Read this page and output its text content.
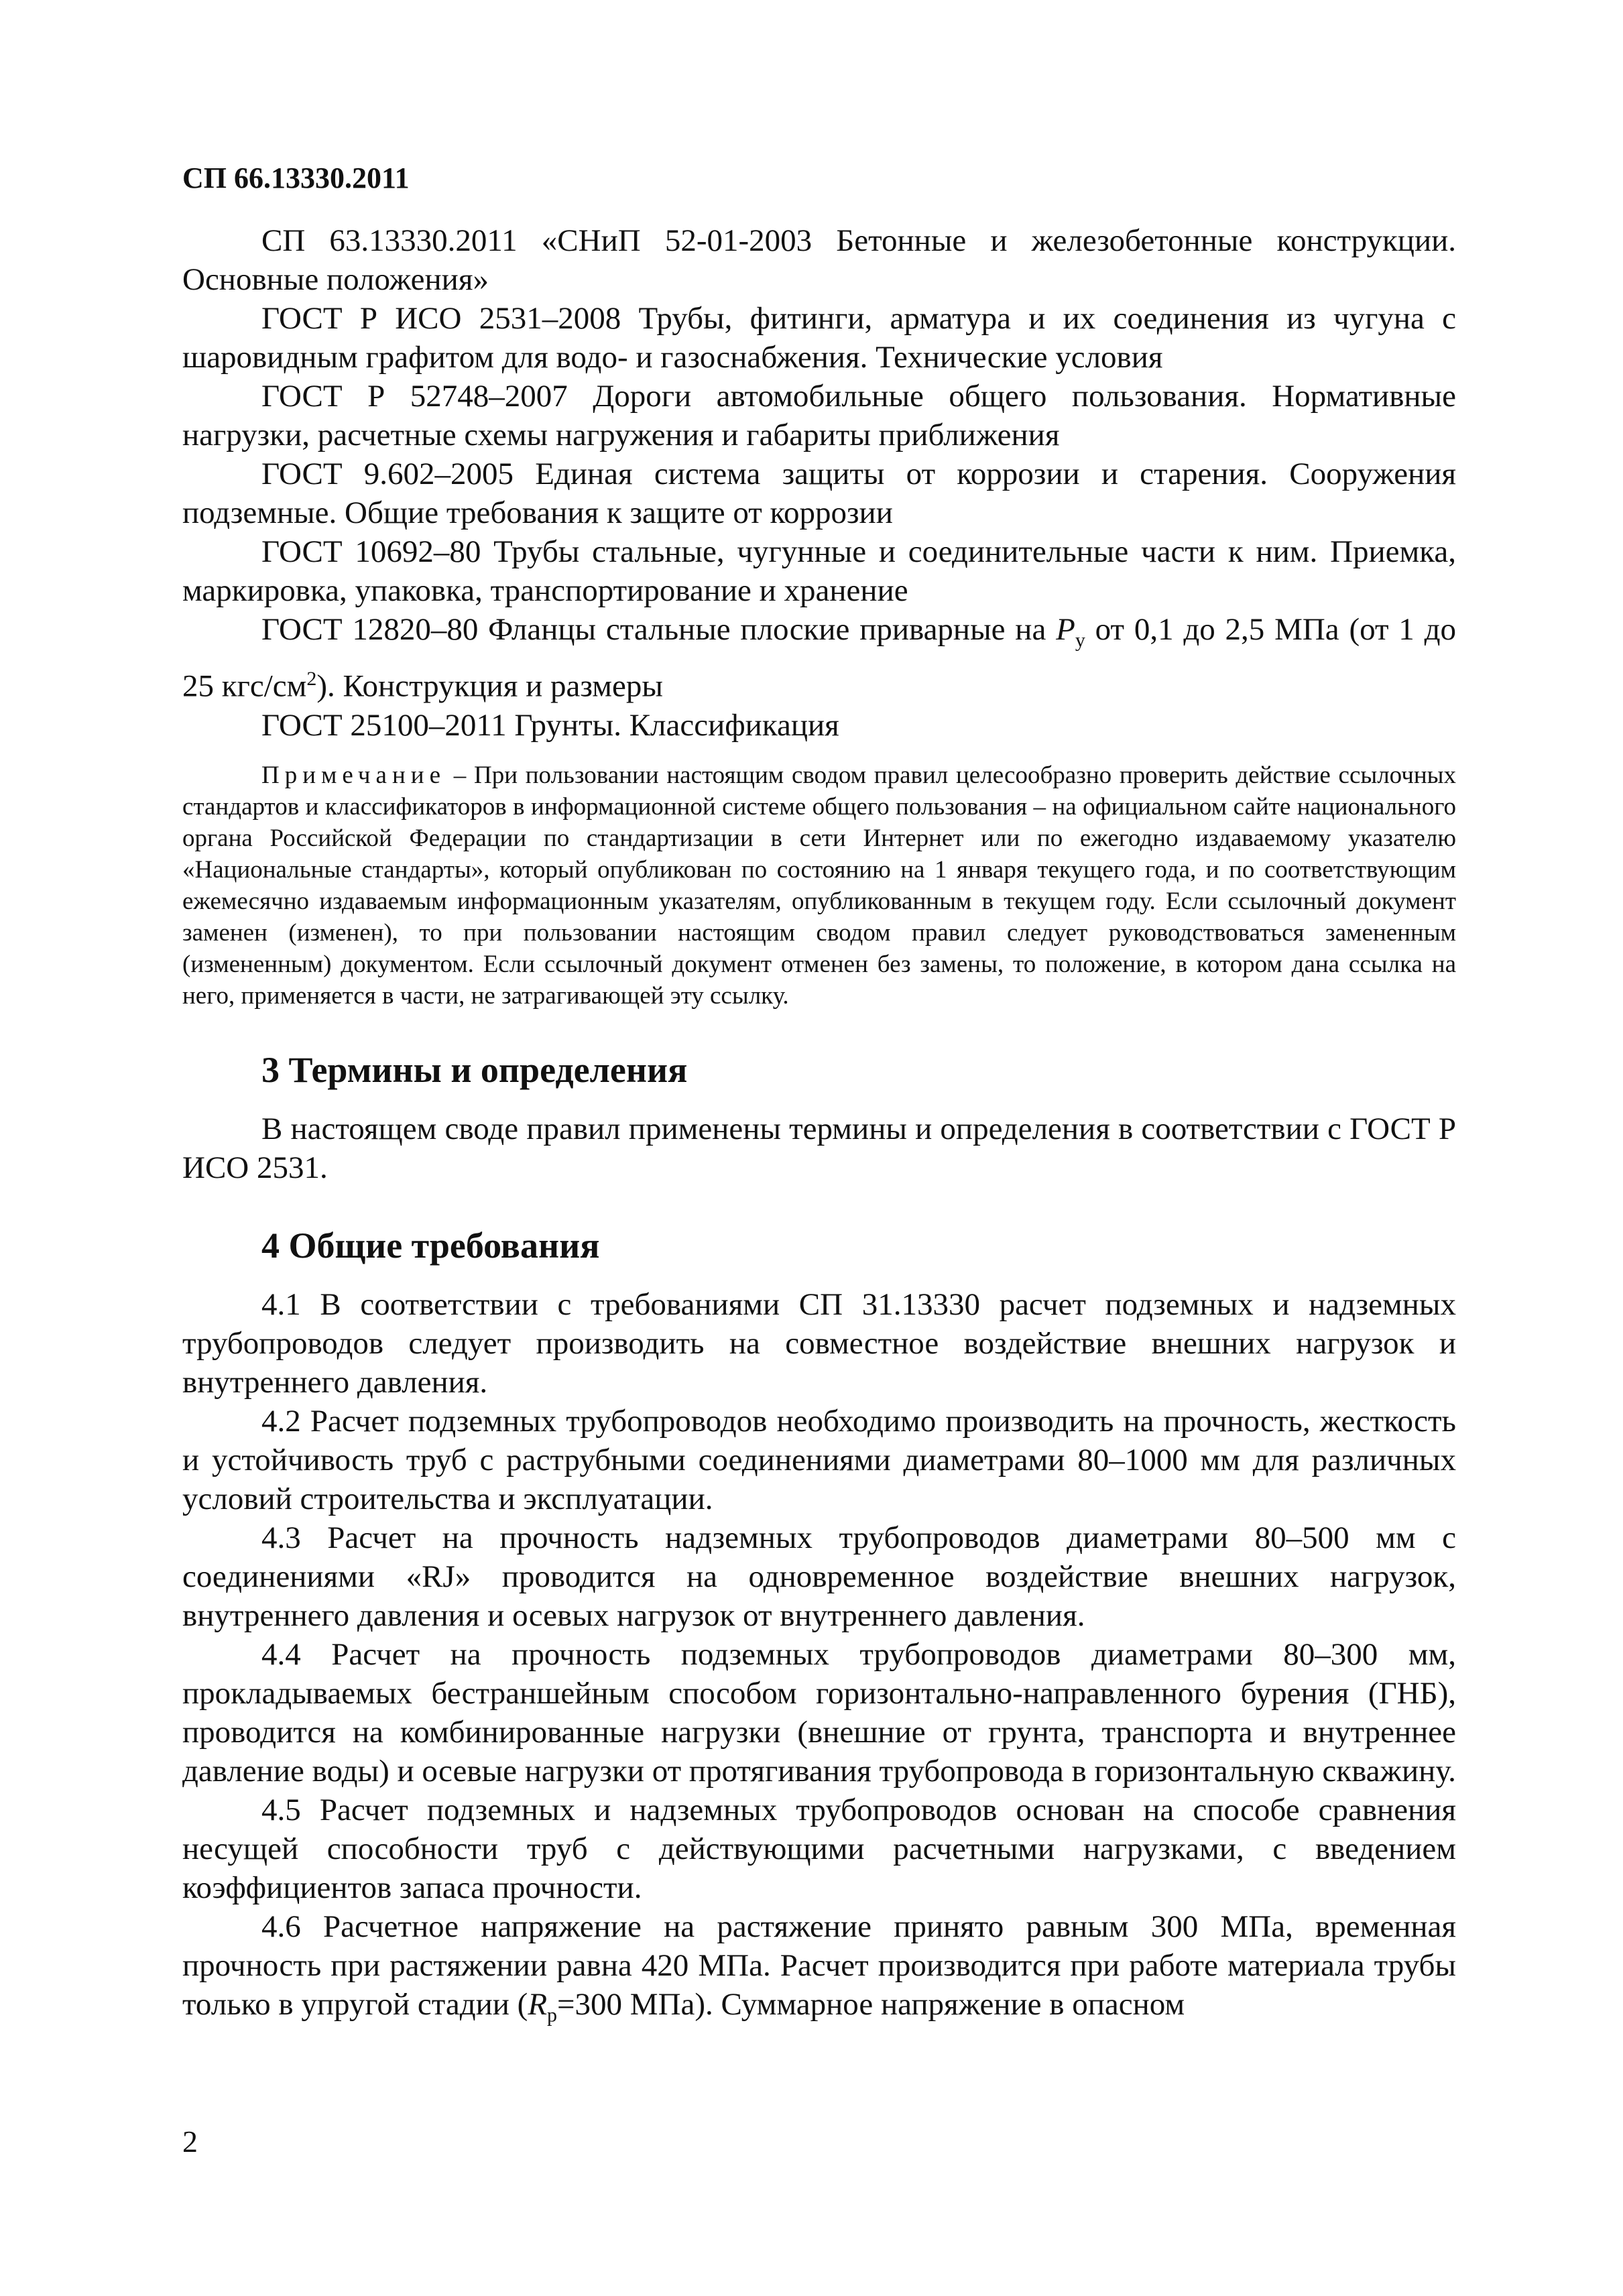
СП 66.13330.2011

СП 63.13330.2011 «СНиП 52-01-2003 Бетонные и железобетонные конструкции. Основные положения»

ГОСТ Р ИСО 2531–2008 Трубы, фитинги, арматура и их соединения из чугуна с шаровидным графитом для водо- и газоснабжения. Технические условия

ГОСТ Р 52748–2007 Дороги автомобильные общего пользования. Нормативные нагрузки, расчетные схемы нагружения и габариты приближения

ГОСТ 9.602–2005 Единая система защиты от коррозии и старения. Сооружения подземные. Общие требования к защите от коррозии

ГОСТ 10692–80 Трубы стальные, чугунные и соединительные части к ним. Приемка, маркировка, упаковка, транспортирование и хранение

ГОСТ 12820–80 Фланцы стальные плоские приварные на $P_у$ от 0,1 до 2,5 МПа (от 1 до 25 кгс/$см^2$). Конструкция и размеры

ГОСТ 25100–2011 Грунты. Классификация

Примечание – При пользовании настоящим сводом правил целесообразно проверить действие ссылочных стандартов и классификаторов в информационной системе общего пользования – на официальном сайте национального органа Российской Федерации по стандартизации в сети Интернет или по ежегодно издаваемому указателю «Национальные стандарты», который опубликован по состоянию на 1 января текущего года, и по соответствующим ежемесячно издаваемым информационным указателям, опубликованным в текущем году. Если ссылочный документ заменен (изменен), то при пользовании настоящим сводом правил следует руководствоваться замененным (измененным) документом. Если ссылочный документ отменен без замены, то положение, в котором дана ссылка на него, применяется в части, не затрагивающей эту ссылку.

3 Термины и определения

В настоящем своде правил применены термины и определения в соответствии с ГОСТ Р ИСО 2531.

4 Общие требования

4.1 В соответствии с требованиями СП 31.13330 расчет подземных и надземных трубопроводов следует производить на совместное воздействие внешних нагрузок и внутреннего давления.

4.2 Расчет подземных трубопроводов необходимо производить на прочность, жесткость и устойчивость труб с раструбными соединениями диаметрами 80–1000 мм для различных условий строительства и эксплуатации.

4.3 Расчет на прочность надземных трубопроводов диаметрами 80–500 мм с соединениями «RJ» проводится на одновременное воздействие внешних нагрузок, внутреннего давления и осевых нагрузок от внутреннего давления.

4.4 Расчет на прочность подземных трубопроводов диаметрами 80–300 мм, прокладываемых бестраншейным способом горизонтально-направленного бурения (ГНБ), проводится на комбинированные нагрузки (внешние от грунта, транспорта и внутреннее давление воды) и осевые нагрузки от протягивания трубопровода в горизонтальную скважину.

4.5 Расчет подземных и надземных трубопроводов основан на способе сравнения несущей способности труб с действующими расчетными нагрузками, с введением коэффициентов запаса прочности.

4.6 Расчетное напряжение на растяжение принято равным 300 МПа, временная прочность при растяжении равна 420 МПа. Расчет производится при работе материала трубы только в упругой стадии ($R_p=300$ МПа). Суммарное напряжение в опасном

2
